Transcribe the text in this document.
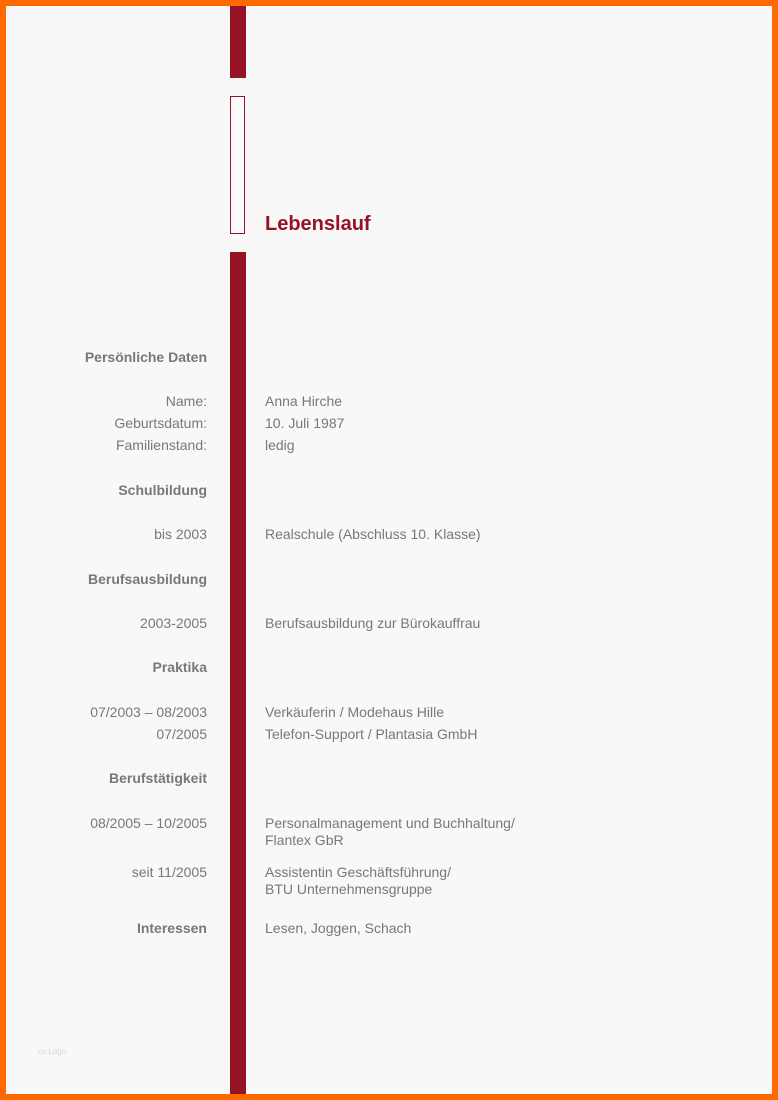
Lebenslauf
Persönliche Daten
Name:	Anna Hirche
Geburtsdatum:	10. Juli 1987
Familienstand:	ledig
Schulbildung
bis 2003	Realschule (Abschluss 10. Klasse)
Berufsausbildung
2003-2005	Berufsausbildung zur Bürokauffrau
Praktika
07/2003 – 08/2003	Verkäuferin / Modehaus Hille
07/2005	Telefon-Support / Plantasia GmbH
Berufstätigkeit
08/2005 – 10/2005	Personalmanagement und Buchhaltung/
Flantex GbR
seit 11/2005	Assistentin Geschäftsführung/
BTU Unternehmensgruppe
Interessen	Lesen, Joggen, Schach
cv Logo
